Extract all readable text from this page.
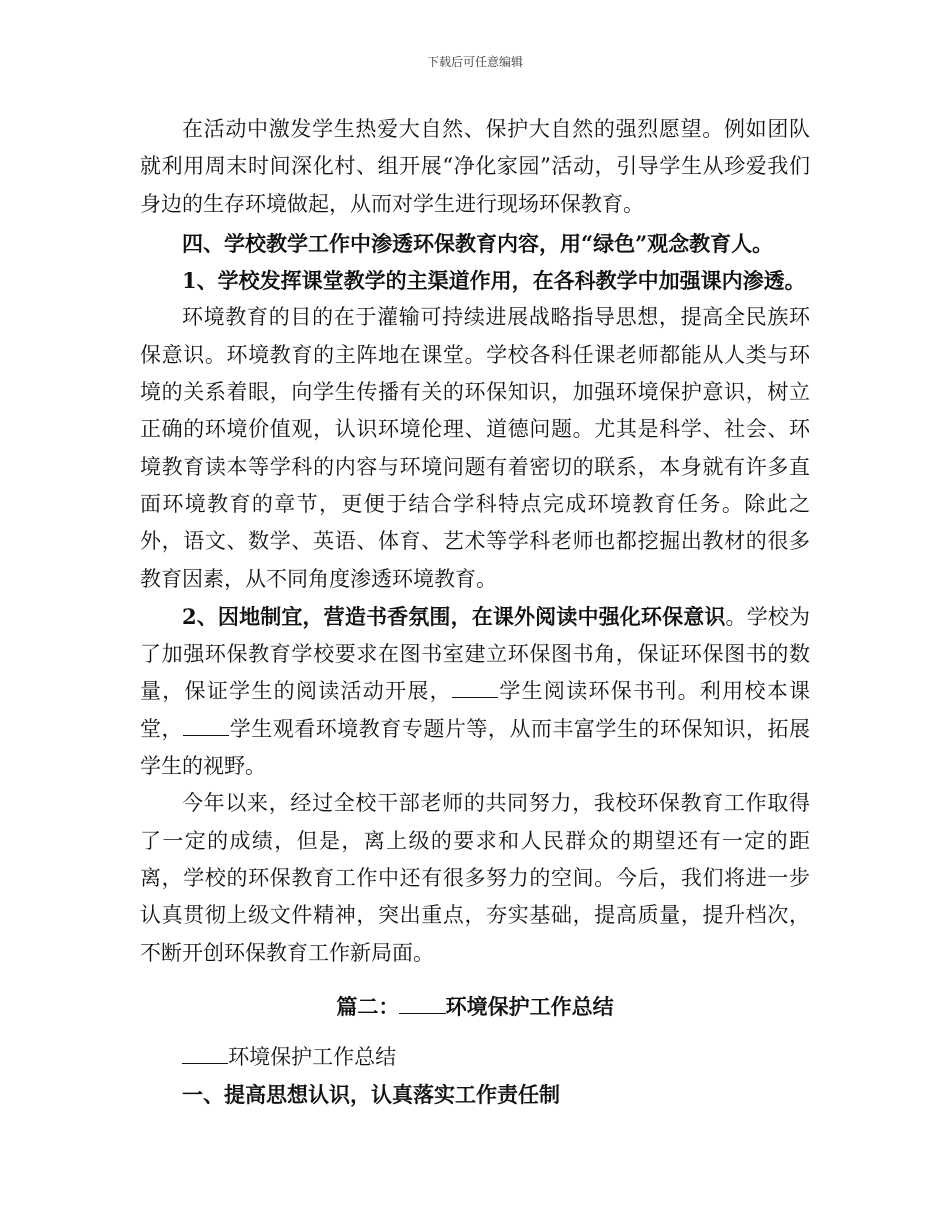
下载后可任意编辑

在活动中激发学生热爱大自然、保护大自然的强烈愿望。例如团队就利用周末时间深化村、组开展“净化家园”活动，引导学生从珍爱我们身边的生存环境做起，从而对学生进行现场环保教育。

四、学校教学工作中渗透环保教育内容，用“绿色”观念教育人。

1、学校发挥课堂教学的主渠道作用，在各科教学中加强课内渗透。

环境教育的目的在于灌输可持续进展战略指导思想，提高全民族环保意识。环境教育的主阵地在课堂。学校各科任课老师都能从人类与环境的关系着眼，向学生传播有关的环保知识，加强环境保护意识，树立正确的环境价值观，认识环境伦理、道德问题。尤其是科学、社会、环境教育读本等学科的内容与环境问题有着密切的联系，本身就有许多直面环境教育的章节，更便于结合学科特点完成环境教育任务。除此之外，语文、数学、英语、体育、艺术等学科老师也都挖掘出教材的很多教育因素，从不同角度渗透环境教育。

2、因地制宜，营造书香氛围，在课外阅读中强化环保意识。学校为了加强环保教育学校要求在图书室建立环保图书角，保证环保图书的数量，保证学生的阅读活动开展， 学生阅读环保书刊。利用校本课堂， 学生观看环境教育专题片等，从而丰富学生的环保知识，拓展学生的视野。

今年以来，经过全校干部老师的共同努力，我校环保教育工作取得了一定的成绩，但是，离上级的要求和人民群众的期望还有一定的距离，学校的环保教育工作中还有很多努力的空间。今后，我们将进一步认真贯彻上级文件精神，突出重点，夯实基础，提高质量，提升档次，不断开创环保教育工作新局面。

篇二： 环境保护工作总结

环境保护工作总结

一、提高思想认识，认真落实工作责任制
